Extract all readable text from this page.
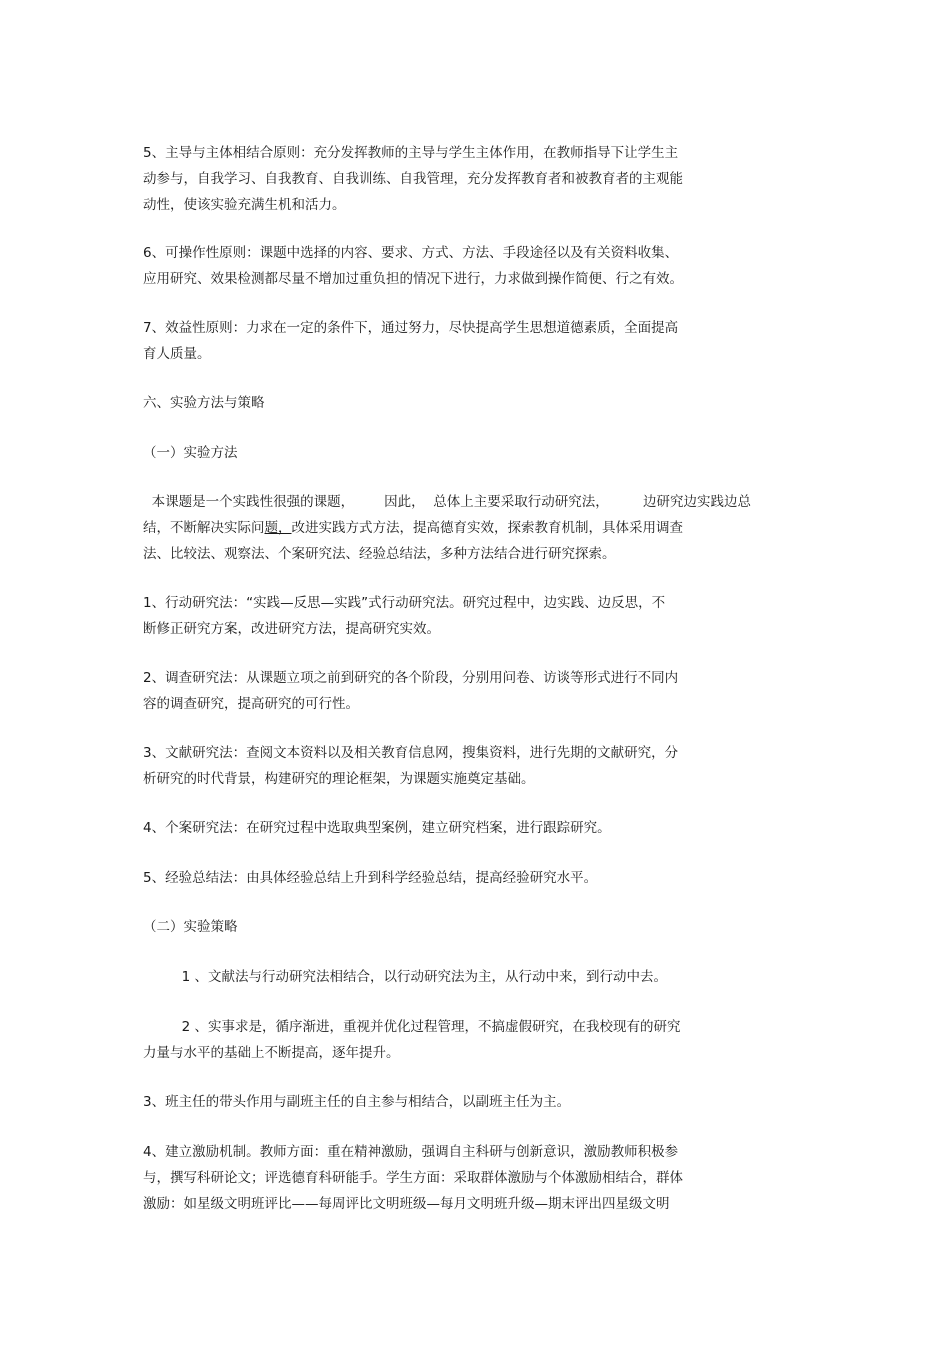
5、主导与主体相结合原则：充分发挥教师的主导与学生主体作用，在教师指导下让学生主
动参与，自我学习、自我教育、自我训练、自我管理，充分发挥教育者和被教育者的主观能
动性，使该实验充满生机和活力。
6、可操作性原则：课题中选择的内容、要求、方式、方法、手段途径以及有关资料收集、
应用研究、效果检测都尽量不增加过重负担的情况下进行，力求做到操作简便、行之有效。
7、效益性原则：力求在一定的条件下，通过努力，尽快提高学生思想道德素质，全面提高
育人质量。
六、实验方法与策略
（一）实验方法
本课题是一个实践性很强的课题，       因此，  总体上主要采取行动研究法，        边研究边实践边总
结，不断解决实际问题，改进实践方式方法，提高德育实效，探索教育机制，具体采用调查
法、比较法、观察法、个案研究法、经验总结法，多种方法结合进行研究探索。
1、行动研究法：“实践—反思—实践”式行动研究法。研究过程中，边实践、边反思，不
断修正研究方案，改进研究方法，提高研究实效。
2、调查研究法：从课题立项之前到研究的各个阶段，分别用问卷、访谈等形式进行不同内
容的调查研究，提高研究的可行性。
3、文献研究法：查阅文本资料以及相关教育信息网，搜集资料，进行先期的文献研究，分
析研究的时代背景，构建研究的理论框架，为课题实施奠定基础。
4、个案研究法：在研究过程中选取典型案例，建立研究档案，进行跟踪研究。
5、经验总结法：由具体经验总结上升到科学经验总结，提高经验研究水平。
（二）实验策略
1 、文献法与行动研究法相结合，以行动研究法为主，从行动中来，到行动中去。
2 、实事求是，循序渐进，重视并优化过程管理，不搞虚假研究，在我校现有的研究
力量与水平的基础上不断提高，逐年提升。
3、班主任的带头作用与副班主任的自主参与相结合，以副班主任为主。
4、建立激励机制。教师方面：重在精神激励，强调自主科研与创新意识，激励教师积极参
与，撰写科研论文；评选德育科研能手。学生方面：采取群体激励与个体激励相结合，群体
激励：如星级文明班评比——每周评比文明班级—每月文明班升级—期末评出四星级文明
